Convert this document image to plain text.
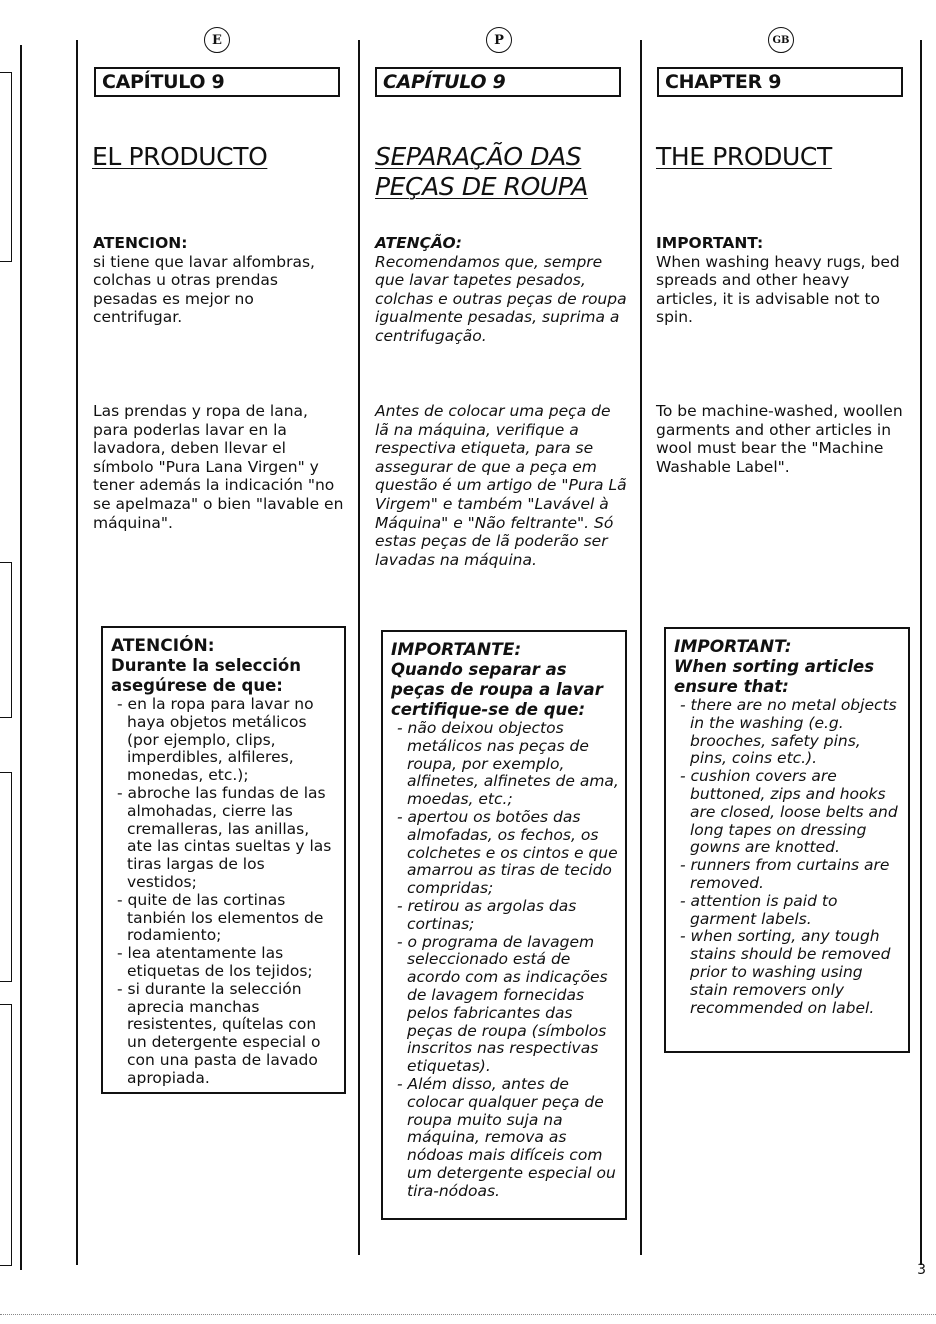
E
CAPÍTULO 9
EL PRODUCTO
ATENCION:
si tiene que lavar alfombras, colchas u otras prendas pesadas es mejor no centrifugar.
Las prendas y ropa de lana, para poderlas lavar en la lavadora, deben llevar el símbolo "Pura Lana Virgen" y tener además la indicación "no se apelmaza" o bien "lavable en máquina".
ATENCIÓN:
Durante la selección asegúrese de que:
- en la ropa para lavar no haya objetos metálicos (por ejemplo, clips, imperdibles, alfileres, monedas, etc.);
- abroche las fundas de las almohadas, cierre las cremalleras, las anillas, ate las cintas sueltas y las tiras largas de los vestidos;
- quite de las cortinas tanbién los elementos de rodamiento;
- lea atentamente las etiquetas de los tejidos;
- si durante la selección aprecia manchas resistentes, quítelas con un detergente especial o con una pasta de lavado apropiada.
P
CAPÍTULO 9
SEPARAÇÃO DAS PEÇAS DE ROUPA
ATENÇÃO:
Recomendamos que, sempre que lavar tapetes pesados, colchas e outras peças de roupa igualmente pesadas, suprima a centrifugação.
Antes de colocar uma peça de lã na máquina, verifique a respectiva etiqueta, para se assegurar de que a peça em questão é um artigo de "Pura Lã Virgem" e também "Lavável à Máquina" e "Não feltrante". Só estas peças de lã poderão ser lavadas na máquina.
IMPORTANTE:
Quando separar as peças de roupa a lavar certifique-se de que:
- não deixou objectos metálicos nas peças de roupa, por exemplo, alfinetes, alfinetes de ama, moedas, etc.;
- apertou os botões das almofadas, os fechos, os colchetes e os cintos e que amarrou as tiras de tecido compridas;
- retirou as argolas das cortinas;
- o programa de lavagem seleccionado está de acordo com as indicações de lavagem fornecidas pelos fabricantes das peças de roupa (símbolos inscritos nas respectivas etiquetas).
- Além disso, antes de colocar qualquer peça de roupa muito suja na máquina, remova as nódoas mais difíceis com um detergente especial ou tira-nódoas.
GB
CHAPTER 9
THE PRODUCT
IMPORTANT:
When washing heavy rugs, bed spreads and other heavy articles, it is advisable not to spin.
To be machine-washed, woollen garments and other articles in wool must bear the "Machine Washable Label".
IMPORTANT:
When sorting articles ensure that:
- there are no metal objects in the washing (e.g. brooches, safety pins, pins, coins etc.).
- cushion covers are buttoned, zips and hooks are closed, loose belts and long tapes on dressing gowns are knotted.
- runners from curtains are removed.
- attention is paid to garment labels.
- when sorting, any tough stains should be removed prior to washing using stain removers only recommended on label.
3
